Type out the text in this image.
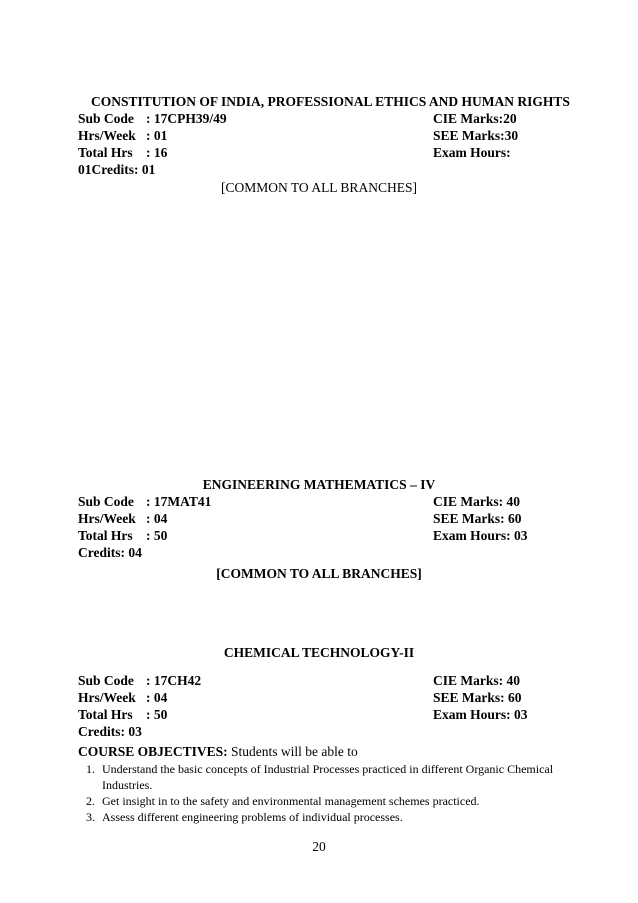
CONSTITUTION OF INDIA, PROFESSIONAL ETHICS AND HUMAN RIGHTS
Sub Code : 17CPH39/49	CIE Marks:20
Hrs/Week : 01	SEE Marks:30
Total Hrs : 16	Exam Hours:
01Credits: 01
[COMMON TO ALL BRANCHES]
ENGINEERING MATHEMATICS – IV
Sub Code : 17MAT41	CIE Marks: 40
Hrs/Week : 04	SEE Marks: 60
Total Hrs : 50	Exam Hours: 03
Credits: 04
[COMMON TO ALL BRANCHES]
CHEMICAL TECHNOLOGY-II
Sub Code : 17CH42	CIE Marks: 40
Hrs/Week : 04	SEE Marks: 60
Total Hrs : 50	Exam Hours: 03
Credits: 03
COURSE OBJECTIVES: Students will be able to
1. Understand the basic concepts of Industrial Processes practiced in different Organic Chemical Industries.
2. Get insight in to the safety and environmental management schemes practiced.
3. Assess different engineering problems of individual processes.
20
